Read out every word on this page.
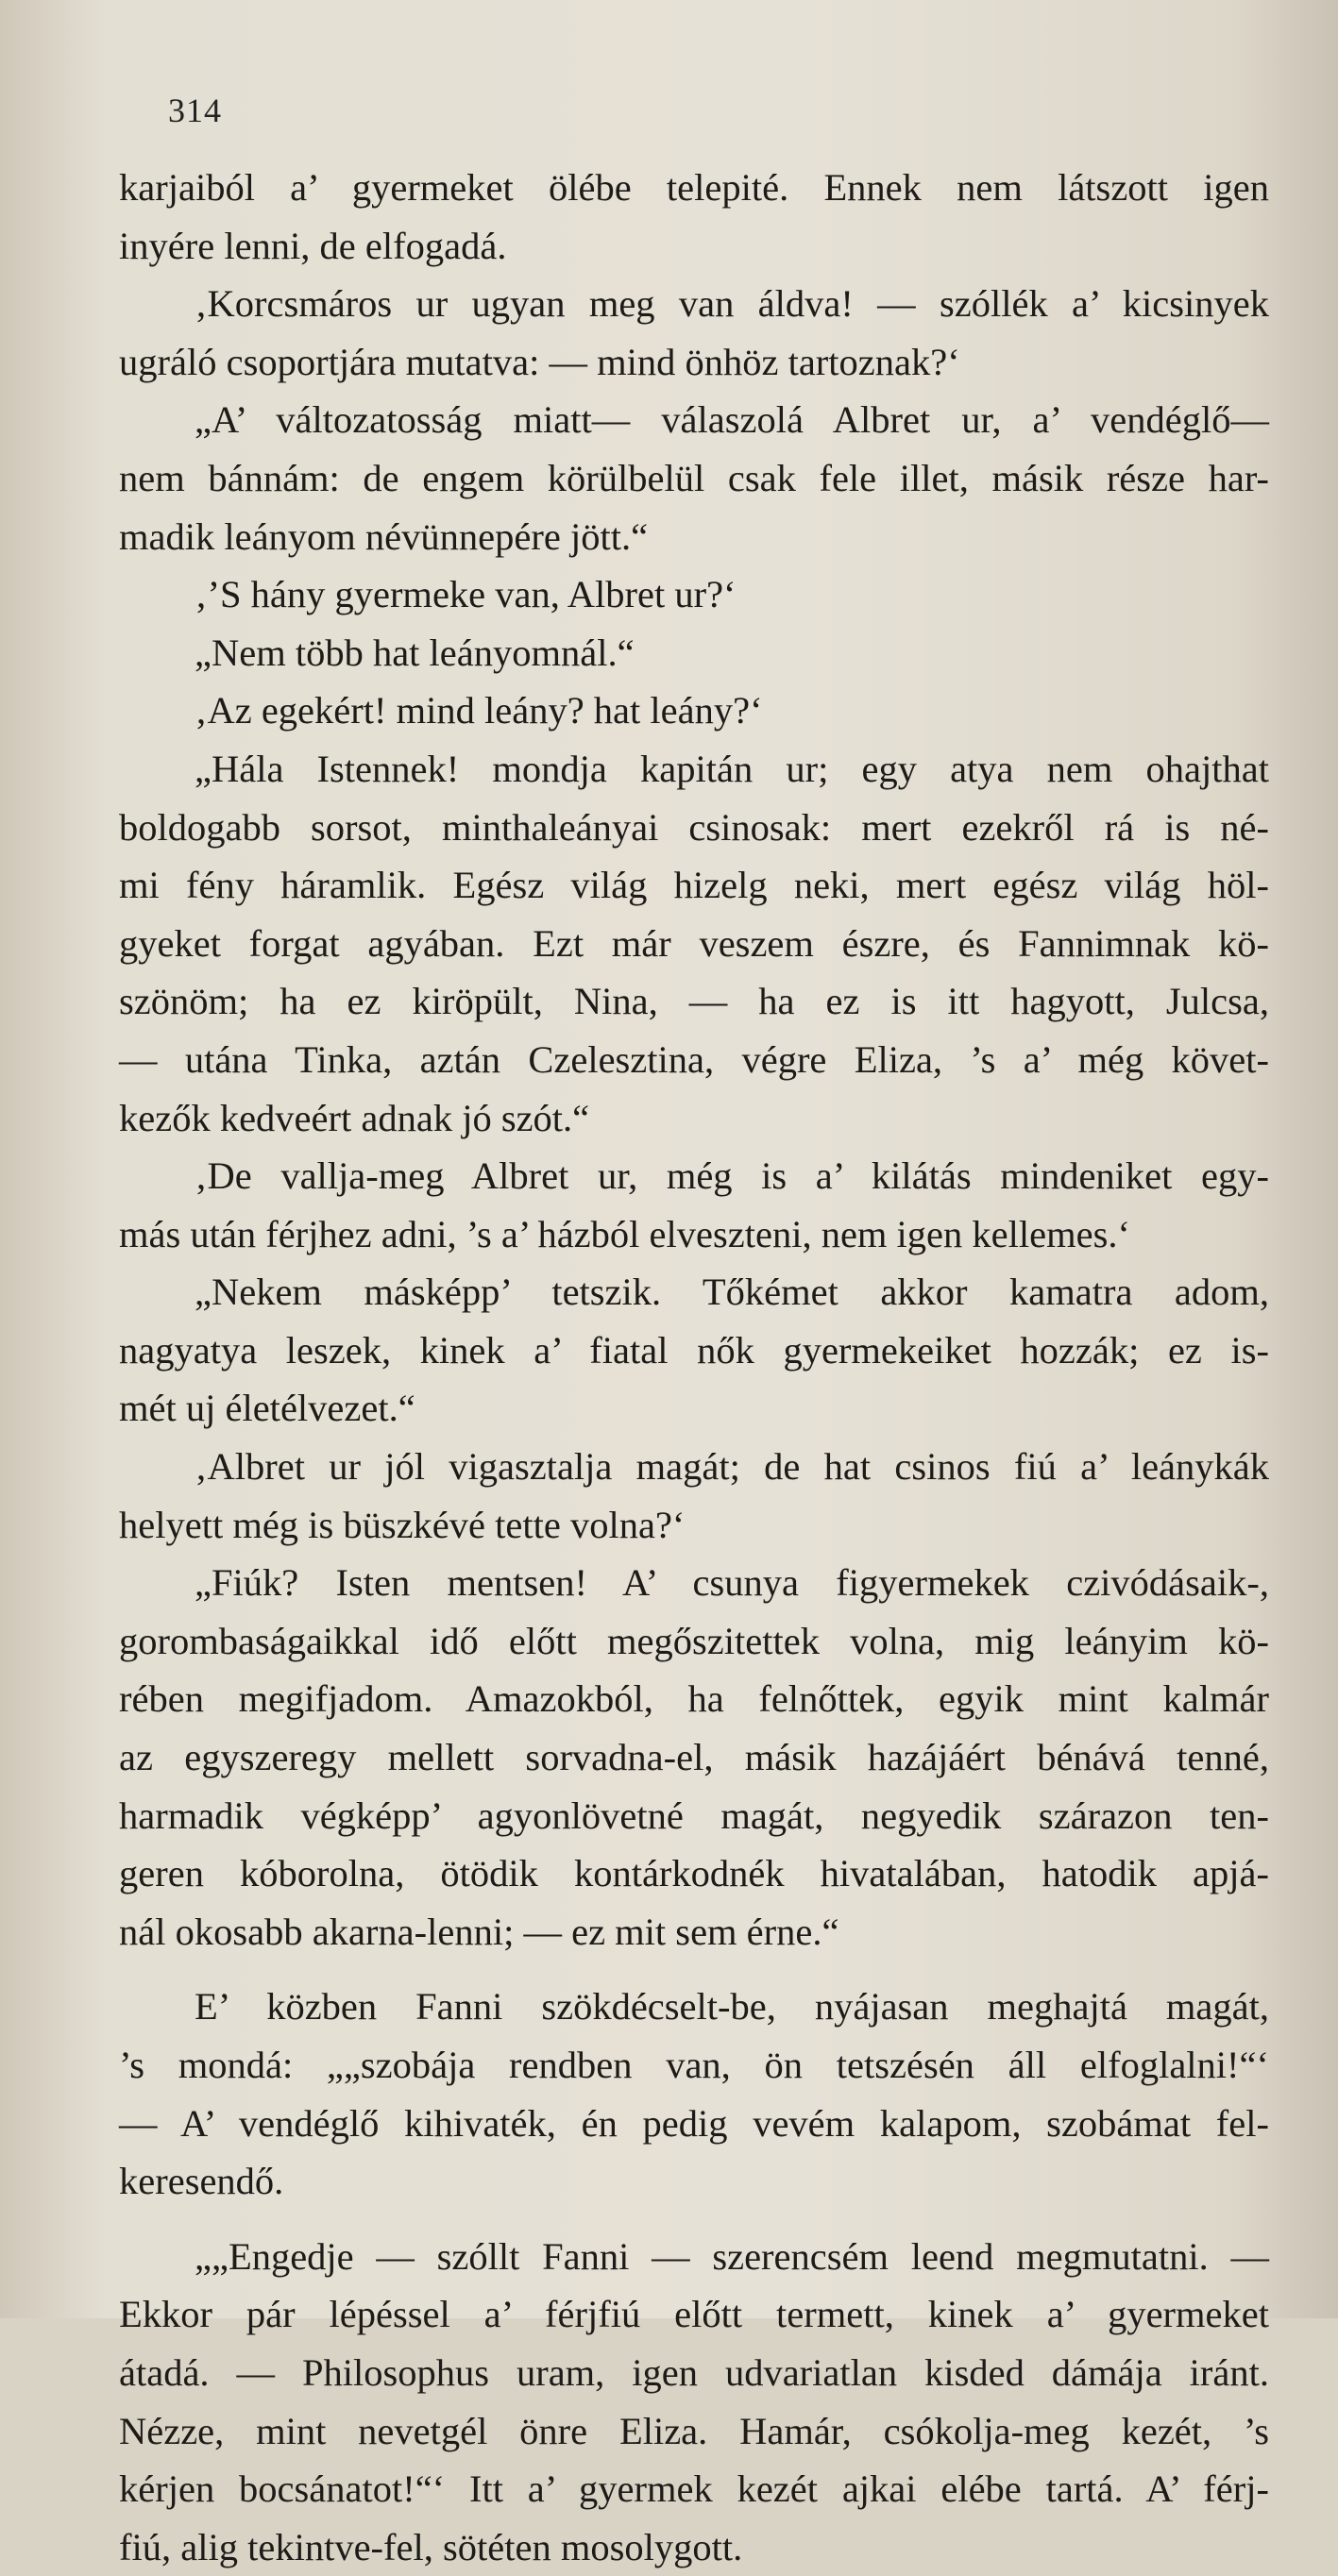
314
karjaiból a’ gyermeket ölébe telepité. Ennek nem látszott igen
inyére lenni, de elfogadá.
‚Korcsmáros ur ugyan meg van áldva! — szóllék a’ kicsinyek
ugráló csoportjára mutatva: — mind önhöz tartoznak?‘
„A’ változatosság miatt— válaszolá Albret ur, a’ vendéglő—
nem bánnám: de engem körülbelül csak fele illet, másik része har-
madik leányom névünnepére jött.“
‚’S hány gyermeke van, Albret ur?‘
„Nem több hat leányomnál.“
‚Az egekért! mind leány? hat leány?‘
„Hála Istennek! mondja kapitán ur; egy atya nem ohajthat
boldogabb sorsot, minthaleányai csinosak: mert ezekről rá is né-
mi fény háramlik. Egész világ hizelg neki, mert egész világ höl-
gyeket forgat agyában. Ezt már veszem észre, és Fannimnak kö-
szönöm; ha ez kiröpült, Nina, — ha ez is itt hagyott, Julcsa,
— utána Tinka, aztán Czelesztina, végre Eliza, ’s a’ még követ-
kezők kedveért adnak jó szót.“
‚De vallja-meg Albret ur, még is a’ kilátás mindeniket egy-
más után férjhez adni, ’s a’ házból elveszteni, nem igen kellemes.‘
„Nekem másképp’ tetszik. Tőkémet akkor kamatra adom,
nagyatya leszek, kinek a’ fiatal nők gyermekeiket hozzák; ez is-
mét uj életélvezet.“
‚Albret ur jól vigasztalja magát; de hat csinos fiú a’ leánykák
helyett még is büszkévé tette volna?‘
„Fiúk? Isten mentsen! A’ csunya figyermekek czivódásaik-,
gorombaságaikkal idő előtt megőszitettek volna, mig leányim kö-
rében megifjadom. Amazokból, ha felnőttek, egyik mint kalmár
az egyszeregy mellett sorvadna-el, másik hazájáért bénává tenné,
harmadik végképp’ agyonlövetné magát, negyedik szárazon ten-
geren kóborolna, ötödik kontárkodnék hivatalában, hatodik apjá-
nál okosabb akarna-lenni; — ez mit sem érne.“
E’ közben Fanni szökdécselt-be, nyájasan meghajtá magát,
’s mondá: „„szobája rendben van, ön tetszésén áll elfoglalni!“‘
— A’ vendéglő kihivaték, én pedig vevém kalapom, szobámat fel-
keresendő.
„„Engedje — szóllt Fanni — szerencsém leend megmutatni. —
Ekkor pár lépéssel a’ férjfiú előtt termett, kinek a’ gyermeket
átadá. — Philosophus uram, igen udvariatlan kisded dámája iránt.
Nézze, mint nevetgél önre Eliza. Hamár, csókolja-meg kezét, ’s
kérjen bocsánatot!“‘ Itt a’ gyermek kezét ajkai elébe tartá. A’ férj-
fiú, alig tekintve-fel, sötéten mosolygott.
